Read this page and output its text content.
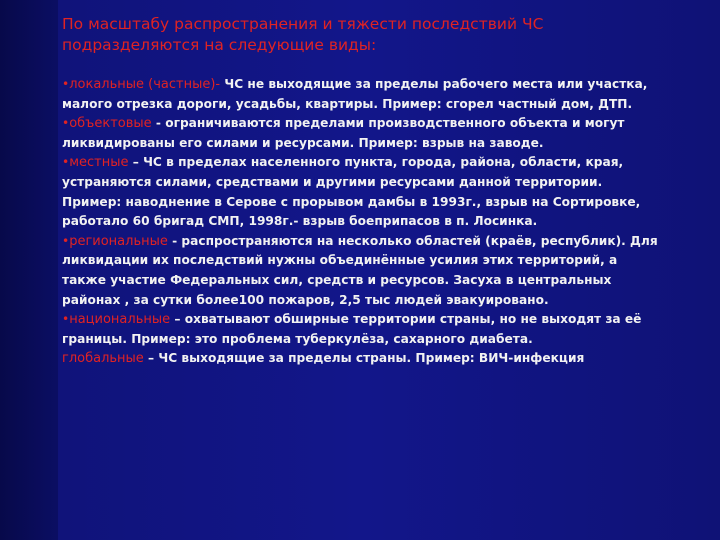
По масштабу распространения и тяжести последствий ЧС
подразделяются на следующие виды:

•локальные (частные)- ЧС не выходящие за пределы рабочего места или участка, малого отрезка дороги, усадьбы, квартиры. Пример: сгорел частный дом, ДТП.

•объектовые - ограничиваются пределами производственного объекта и могут ликвидированы его силами и ресурсами. Пример: взрыв на заводе.

•местные – ЧС в пределах населенного пункта, города, района, области, края, устраняются силами, средствами и другими ресурсами данной территории. Пример: наводнение в Серове с прорывом дамбы в 1993г., взрыв на Сортировке, работало 60 бригад СМП, 1998г.- взрыв боеприпасов в п. Лосинка.

•региональные - распространяются на несколько областей (краёв, республик). Для ликвидации их последствий нужны объединённые усилия этих территорий, а также участие Федеральных сил, средств и ресурсов. Засуха в центральных районах , за сутки более100 пожаров, 2,5 тыс людей эвакуировано.

•национальные – охватывают обширные территории страны, но не выходят за её границы. Пример: это проблема туберкулёза, сахарного диабета.

глобальные – ЧС выходящие за пределы страны. Пример: ВИЧ-инфекция
